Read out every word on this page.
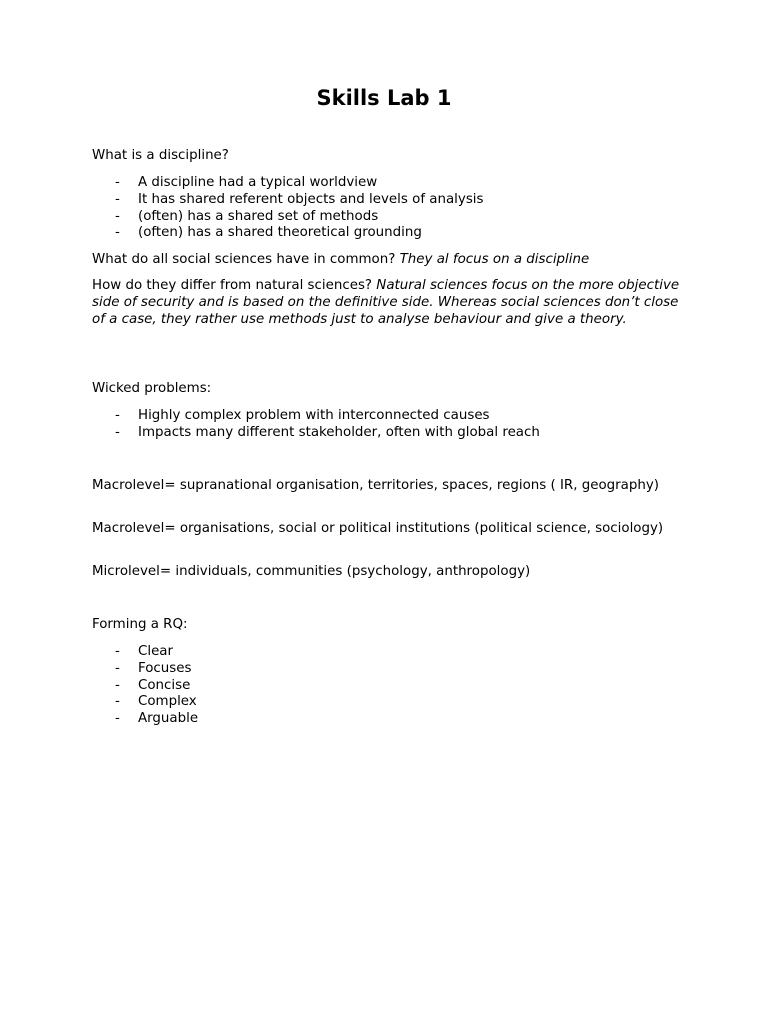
Skills Lab 1

What is a discipline?

- A discipline had a typical worldview
- It has shared referent objects and levels of analysis
- (often) has a shared set of methods
- (often) has a shared theoretical grounding

What do all social sciences have in common? They al focus on a discipline

How do they differ from natural sciences? Natural sciences focus on the more objective side of security and is based on the definitive side. Whereas social sciences don’t close of a case, they rather use methods just to analyse behaviour and give a theory.

Wicked problems:

- Highly complex problem with interconnected causes
- Impacts many different stakeholder, often with global reach

Macrolevel= supranational organisation, territories, spaces, regions ( IR, geography)

Macrolevel= organisations, social or political institutions (political science, sociology)

Microlevel= individuals, communities (psychology, anthropology)

Forming a RQ:

- Clear
- Focuses
- Concise
- Complex
- Arguable
